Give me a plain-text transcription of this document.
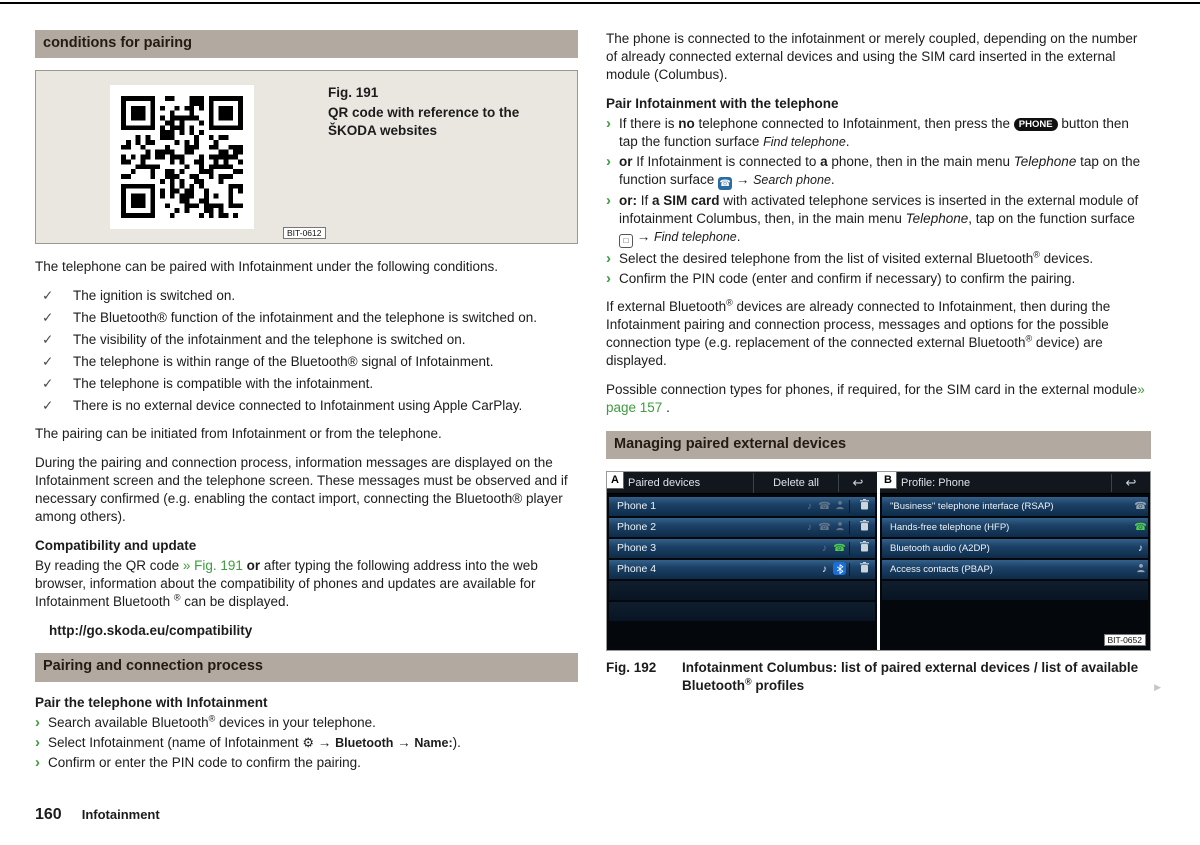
conditions for pairing
Fig. 191
QR code with reference to the ŠKODA websites
BIT-0612

The telephone can be paired with Infotainment under the following conditions.

✓	The ignition is switched on.
✓	The Bluetooth® function of the infotainment and the telephone is switched on.
✓	The visibility of the infotainment and the telephone is switched on.
✓	The telephone is within range of the Bluetooth® signal of Infotainment.
✓	The telephone is compatible with the infotainment.
✓	There is no external device connected to Infotainment using Apple CarPlay.

The pairing can be initiated from Infotainment or from the telephone.

During the pairing and connection process, information messages are displayed on the Infotainment screen and the telephone screen. These messages must be observed and if necessary confirmed (e.g. enabling the contact import, connecting the Bluetooth® player among others).

Compatibility and update

By reading the QR code » Fig. 191 or after typing the following address into the web browser, information about the compatibility of phones and updates are available for Infotainment Bluetooth ® can be displayed.

http://go.skoda.eu/compatibility

Pairing and connection process

Pair the telephone with Infotainment

› Search available Bluetooth® devices in your telephone.
› Select Infotainment (name of Infotainment ⚙ → Bluetooth → Name:).
› Confirm or enter the PIN code to confirm the pairing.

The phone is connected to the infotainment or merely coupled, depending on the number of already connected external devices and using the SIM card inserted in the external module (Columbus).

Pair Infotainment with the telephone

› If there is no telephone connected to Infotainment, then press the PHONE button then tap the function surface Find telephone.
› or If Infotainment is connected to a phone, then in the main menu Telephone tap on the function surface ☎ → Search phone.
› or: If a SIM card with activated telephone services is inserted in the external module of infotainment Columbus, then, in the main menu Telephone, tap on the function surface □ → Find telephone.
› Select the desired telephone from the list of visited external Bluetooth® devices.
› Confirm the PIN code (enter and confirm if necessary) to confirm the pairing.

If external Bluetooth® devices are already connected to Infotainment, then during the Infotainment pairing and connection process, messages and options for the possible connection type (e.g. replacement of the connected external Bluetooth® device) are displayed.

Possible connection types for phones, if required, for the SIM card in the external module» page 157 .

Managing paired external devices
A Paired devices	Delete all	↩
Phone 1	♪ ☎
Phone 2	♪ ☎
Phone 3	♪ ☎
Phone 4	♪
B Profile: Phone	↩
"Business" telephone interface (RSAP)	☎
Hands-free telephone (HFP)	☎
Bluetooth audio (A2DP)	♪
Access contacts (PBAP)
BIT-0652
Fig. 192	Infotainment Columbus: list of paired external devices / list of available Bluetooth® profiles	▶
160 Infotainment
